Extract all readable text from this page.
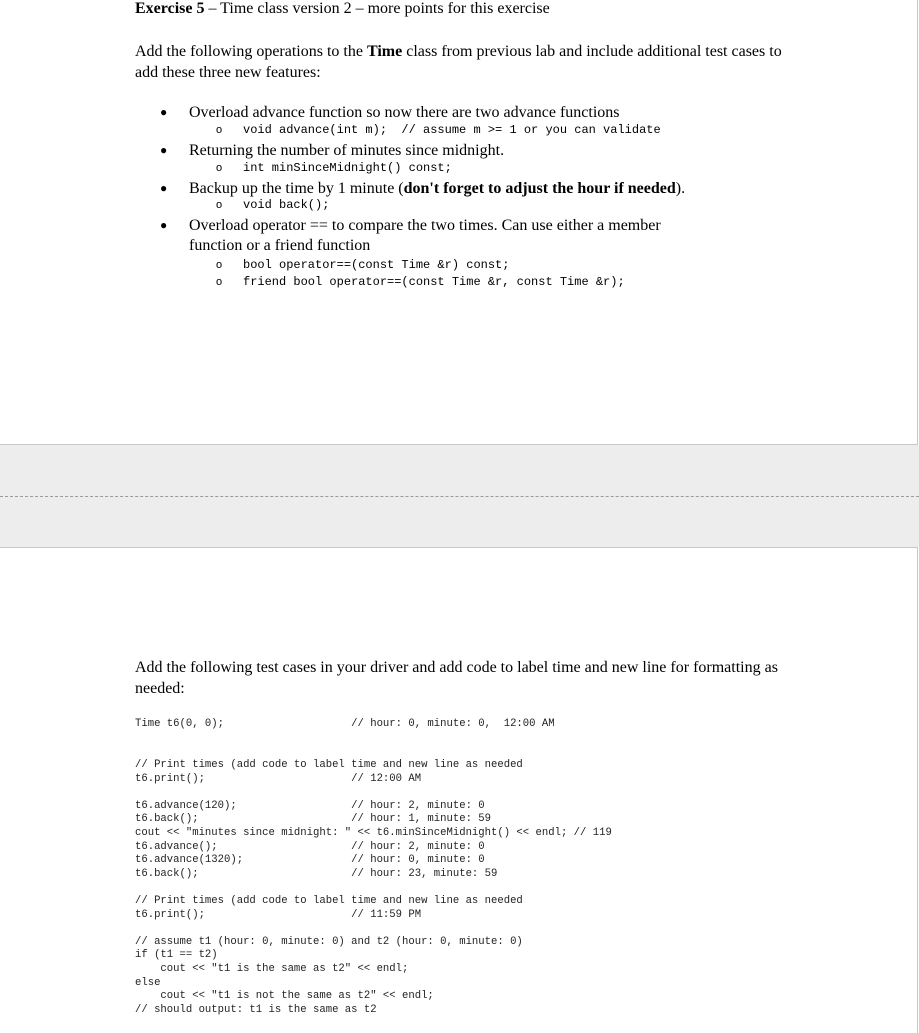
Exercise 5 – Time class version 2 – more points for this exercise
Add the following operations to the Time class from previous lab and include additional test cases to add these three new features:
● Overload advance function so now there are two advance functions
o void advance(int m);  // assume m >= 1 or you can validate
● Returning the number of minutes since midnight.
o int minSinceMidnight() const;
● Backup up the time by 1 minute (don't forget to adjust the hour if needed).
o void back();
● Overload operator == to compare the two times. Can use either a member
function or a friend function
o bool operator==(const Time &r) const;
o friend bool operator==(const Time &r, const Time &r);
Add the following test cases in your driver and add code to label time and new line for formatting as needed:
Time t6(0, 0);                    // hour: 0, minute: 0,  12:00 AM
// Print times (add code to label time and new line as needed
t6.print();                       // 12:00 AM

t6.advance(120);                  // hour: 2, minute: 0
t6.back();                        // hour: 1, minute: 59
cout << "minutes since midnight: " << t6.minSinceMidnight() << endl; // 119
t6.advance();                     // hour: 2, minute: 0
t6.advance(1320);                 // hour: 0, minute: 0
t6.back();                        // hour: 23, minute: 59

// Print times (add code to label time and new line as needed
t6.print();                       // 11:59 PM

// assume t1 (hour: 0, minute: 0) and t2 (hour: 0, minute: 0)
if (t1 == t2)
cout << "t1 is the same as t2" << endl;
else
cout << "t1 is not the same as t2" << endl;
// should output: t1 is the same as t2
